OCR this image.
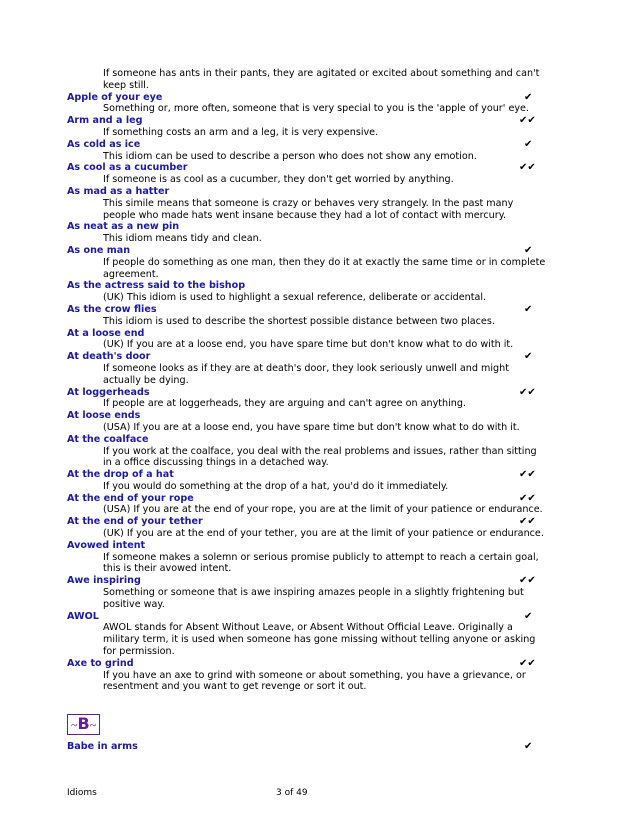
If someone has ants in their pants, they are agitated or excited about something and can't keep still.
Apple of your eye	✔
Something or, more often, someone that is very special to you is the 'apple of your' eye.
Arm and a leg	✔✔
If something costs an arm and a leg, it is very expensive.
As cold as ice	✔
This idiom can be used to describe a person who does not show any emotion.
As cool as a cucumber	✔✔
If someone is as cool as a cucumber, they don't get worried by anything.
As mad as a hatter
This simile means that someone is crazy or behaves very strangely. In the past many people who made hats went insane because they had a lot of contact with mercury.
As neat as a new pin
This idiom means tidy and clean.
As one man	✔
If people do something as one man, then they do it at exactly the same time or in complete agreement.
As the actress said to the bishop
(UK) This idiom is used to highlight a sexual reference, deliberate or accidental.
As the crow flies	✔
This idiom is used to describe the shortest possible distance between two places.
At a loose end
(UK) If you are at a loose end, you have spare time but don't know what to do with it.
At death's door	✔
If someone looks as if they are at death's door, they look seriously unwell and might actually be dying.
At loggerheads	✔✔
If people are at loggerheads, they are arguing and can't agree on anything.
At loose ends
(USA) If you are at a loose end, you have spare time but don't know what to do with it.
At the coalface
If you work at the coalface, you deal with the real problems and issues, rather than sitting in a office discussing things in a detached way.
At the drop of a hat	✔✔
If you would do something at the drop of a hat, you'd do it immediately.
At the end of your rope	✔✔
(USA) If you are at the end of your rope, you are at the limit of your patience or endurance.
At the end of your tether	✔✔
(UK) If you are at the end of your tether, you are at the limit of your patience or endurance.
Avowed intent
If someone makes a solemn or serious promise publicly to attempt to reach a certain goal, this is their avowed intent.
Awe inspiring	✔✔
Something or someone that is awe inspiring amazes people in a slightly frightening but positive way.
AWOL	✔
AWOL stands for Absent Without Leave, or Absent Without Official Leave. Originally a military term, it is used when someone has gone missing without telling anyone or asking for permission.
Axe to grind	✔✔
If you have an axe to grind with someone or about something, you have a grievance, or resentment and you want to get revenge or sort it out.
~B~
Babe in arms	✔
Idioms	3 of 49
